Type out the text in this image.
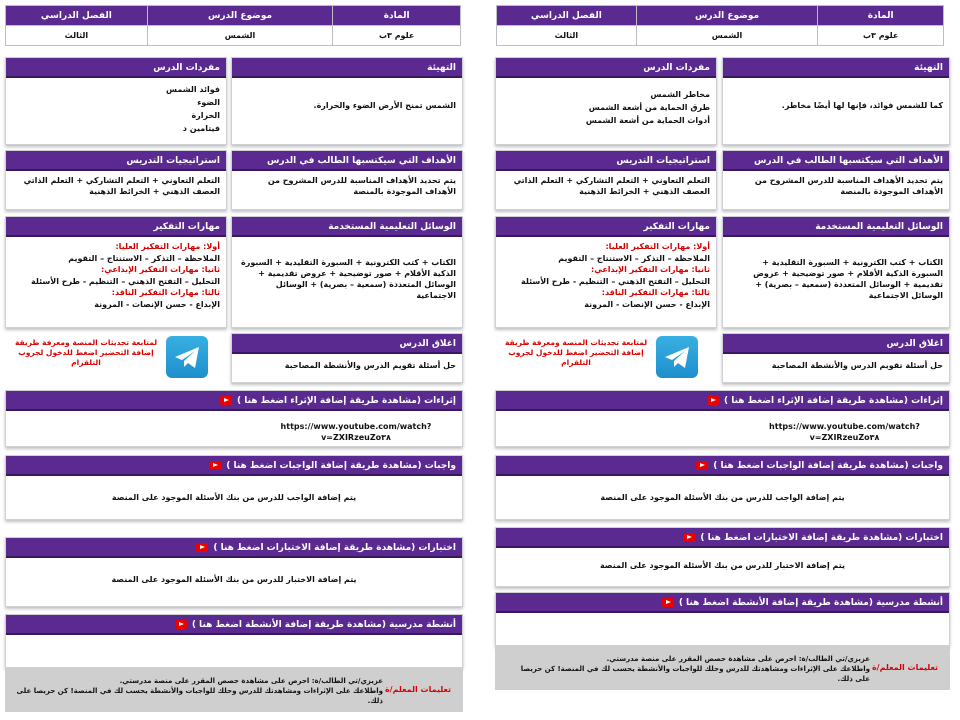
المادة	موضوع الدرس	الفصل الدراسي
علوم ٣ب	الشمس	الثالث
التهيئة
الشمس تمنح الأرض الضوء والحرارة.
مفردات الدرس
فوائد الشمس
الضوء
الحرارة
فيتامين د
الأهداف التي سيكتسبها الطالب في الدرس
يتم تحديد الأهداف المناسبة للدرس المشروح من الأهداف الموجودة بالمنصة
استراتيجيات التدريس
التعلم التعاوني + التعلم التشاركي + التعلم الذاتي العصف الذهني + الخرائط الذهنية
الوسائل التعليمية المستخدمة
الكتاب + كتب الكترونية + السبورة التقليدية + السبورة الذكية الأقلام + صور توضيحية + عروض تقديمية + الوسائل المتعددة (سمعية – بصرية) + الوسائل الاجتماعية
مهارات التفكير
أولا: مهارات التفكير العليا:
الملاحظة – التذكر – الاستنتاج – التقويم
ثانيا: مهارات التفكير الإبداعي:
التحليل – التفتح الذهني – التنظيم - طرح الأسئلة
ثالثا: مهارات التفكير الناقد:
الإبداع - حسن الإنصات - المرونة
اغلاق الدرس
حل أسئلة تقويم الدرس والأنشطة المصاحبة
لمتابعة تحديثات المنصة ومعرفة طريقة إضافة التحضير اضغط للدخول لجروب التلقرام
إثراءات (مشاهدة طريقة إضافة الإثراء اضغط هنا )
https://www.youtube.com/watch?v=ZXIRzeuZo٣٨
واجبات (مشاهدة طريقة إضافة الواجبات اضغط هنا )
يتم إضافة الواجب للدرس من بنك الأسئلة الموجود على المنصة
اختبارات (مشاهدة طريقة إضافة الاختبارات اضغط هنا )
يتم إضافة الاختبار للدرس من بنك الأسئلة الموجود على المنصة
أنشطة مدرسية (مشاهدة طريقة إضافة الأنشطة اضغط هنا )
تعليمات المعلم/ة
عزيزي/تي الطالب/ة: احرص على مشاهدة حصص المقرر على منصة مدرستي.
واطلاعك على الإثراءات ومشاهدتك للدرس وحلك للواجبات والأنشطة يحسب لك في المنصة! كن حريصا على ذلك.
المادة	موضوع الدرس	الفصل الدراسي
علوم ٣ب	الشمس	الثالث
التهيئة
كما للشمس فوائد، فإنها لها أيضًا مخاطر.
مفردات الدرس
مخاطر الشمس
طرق الحماية من أشعة الشمس
أدوات الحماية من أشعة الشمس
الأهداف التي سيكتسبها الطالب في الدرس
يتم تحديد الأهداف المناسبة للدرس المشروح من الأهداف الموجودة بالمنصة
استراتيجيات التدريس
التعلم التعاوني + التعلم التشاركي + التعلم الذاتي العصف الذهني + الخرائط الذهنية
الوسائل التعليمية المستخدمة
الكتاب + كتب الكترونية + السبورة التقليدية + السبورة الذكية الأقلام + صور توضيحية + عروض تقديمية + الوسائل المتعددة (سمعية – بصرية) + الوسائل الاجتماعية
مهارات التفكير
أولا: مهارات التفكير العليا:
الملاحظة – التذكر – الاستنتاج – التقويم
ثانيا: مهارات التفكير الإبداعي:
التحليل – التفتح الذهني – التنظيم - طرح الأسئلة
ثالثا: مهارات التفكير الناقد:
الإبداع - حسن الإنصات - المرونة
اغلاق الدرس
حل أسئلة تقويم الدرس والأنشطة المصاحبة
لمتابعة تحديثات المنصة ومعرفة طريقة إضافة التحضير اضغط للدخول لجروب التلقرام
إثراءات (مشاهدة طريقة إضافة الإثراء اضغط هنا )
https://www.youtube.com/watch?v=ZXIRzeuZo٣٨
واجبات (مشاهدة طريقة إضافة الواجبات اضغط هنا )
يتم إضافة الواجب للدرس من بنك الأسئلة الموجود على المنصة
اختبارات (مشاهدة طريقة إضافة الاختبارات اضغط هنا )
يتم إضافة الاختبار للدرس من بنك الأسئلة الموجود على المنصة
أنشطة مدرسية (مشاهدة طريقة إضافة الأنشطة اضغط هنا )
تعليمات المعلم/ة
عزيزي/تي الطالب/ة: احرص على مشاهدة حصص المقرر على منصة مدرستي.
واطلاعك على الإثراءات ومشاهدتك للدرس وحلك للواجبات والأنشطة يحسب لك في المنصة! كن حريصا على ذلك.
